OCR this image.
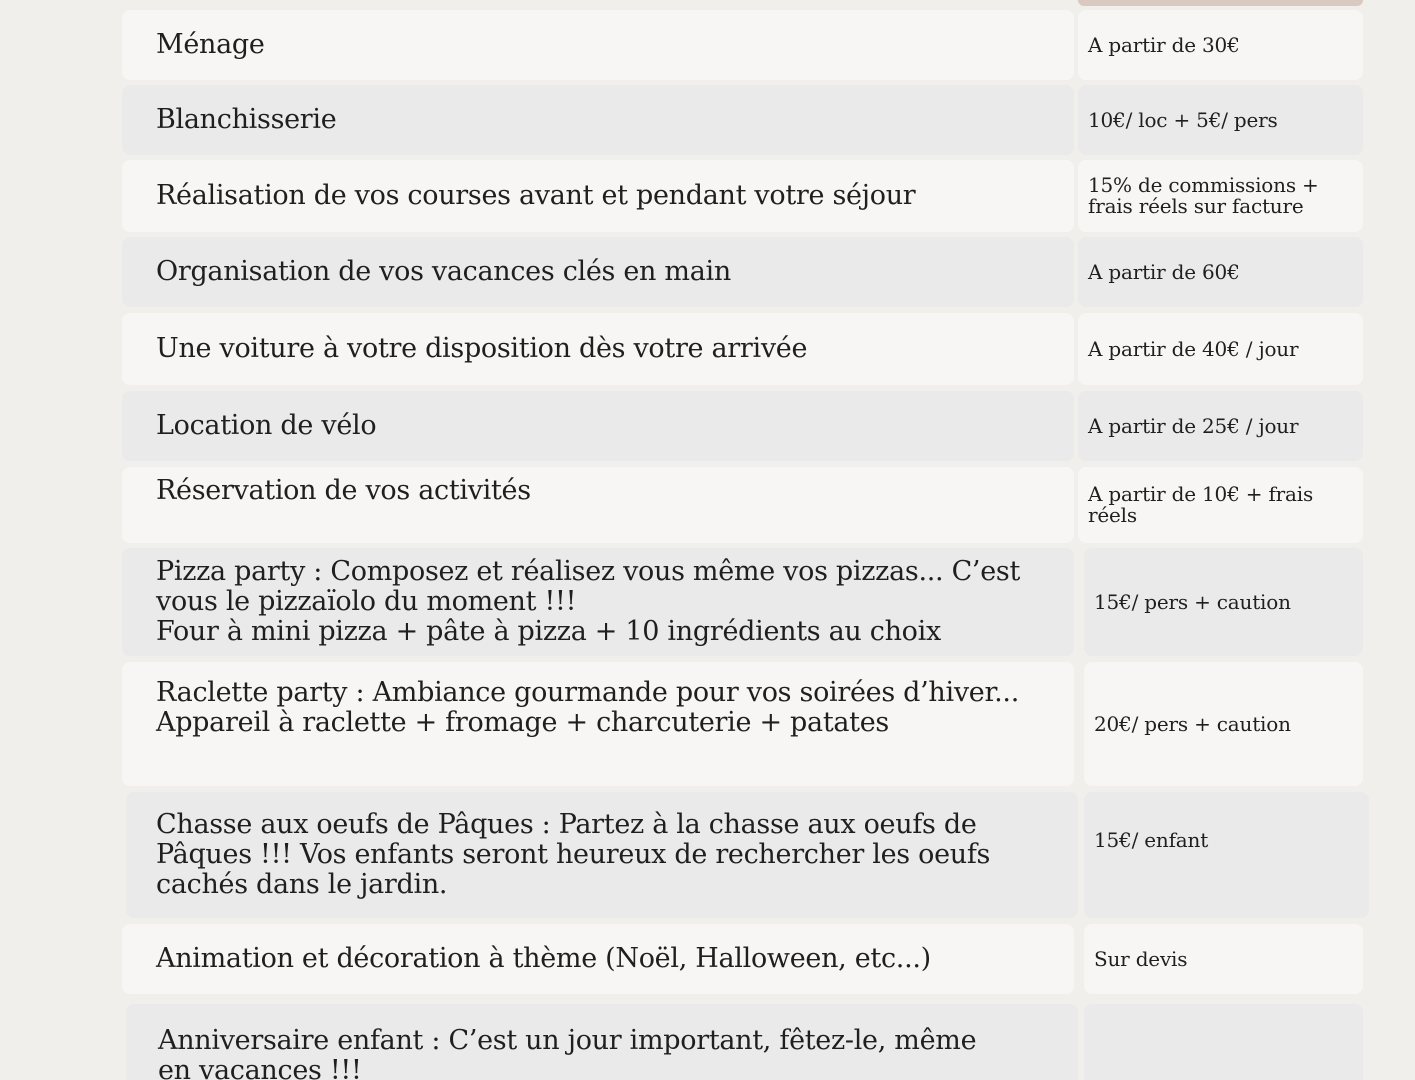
Ménage	A partir de 30€
Blanchisserie	10€/ loc + 5€/ pers
Réalisation de vos courses avant et pendant votre séjour	15% de commissions +
frais réels sur facture
Organisation de vos vacances clés en main	A partir de 60€
Une voiture à votre disposition dès votre arrivée	A partir de 40€ / jour
Location de vélo	A partir de 25€ / jour
Réservation de vos activités	A partir de 10€ + frais
réels
Pizza party : Composez et réalisez vous même vos pizzas... C’est
vous le pizzaïolo du moment !!!
Four à mini pizza + pâte à pizza + 10 ingrédients au choix
15€/ pers + caution
Raclette party : Ambiance gourmande pour vos soirées d’hiver...
Appareil à raclette + fromage + charcuterie + patates	20€/ pers + caution
Chasse aux oeufs de Pâques : Partez à la chasse aux oeufs de
Pâques !!! Vos enfants seront heureux de rechercher les oeufs
cachés dans le jardin.
15€/ enfant
Animation et décoration à thème (Noël, Halloween, etc...)	Sur devis
Anniversaire enfant : C’est un jour important, fêtez-le, même
en vacances !!!
